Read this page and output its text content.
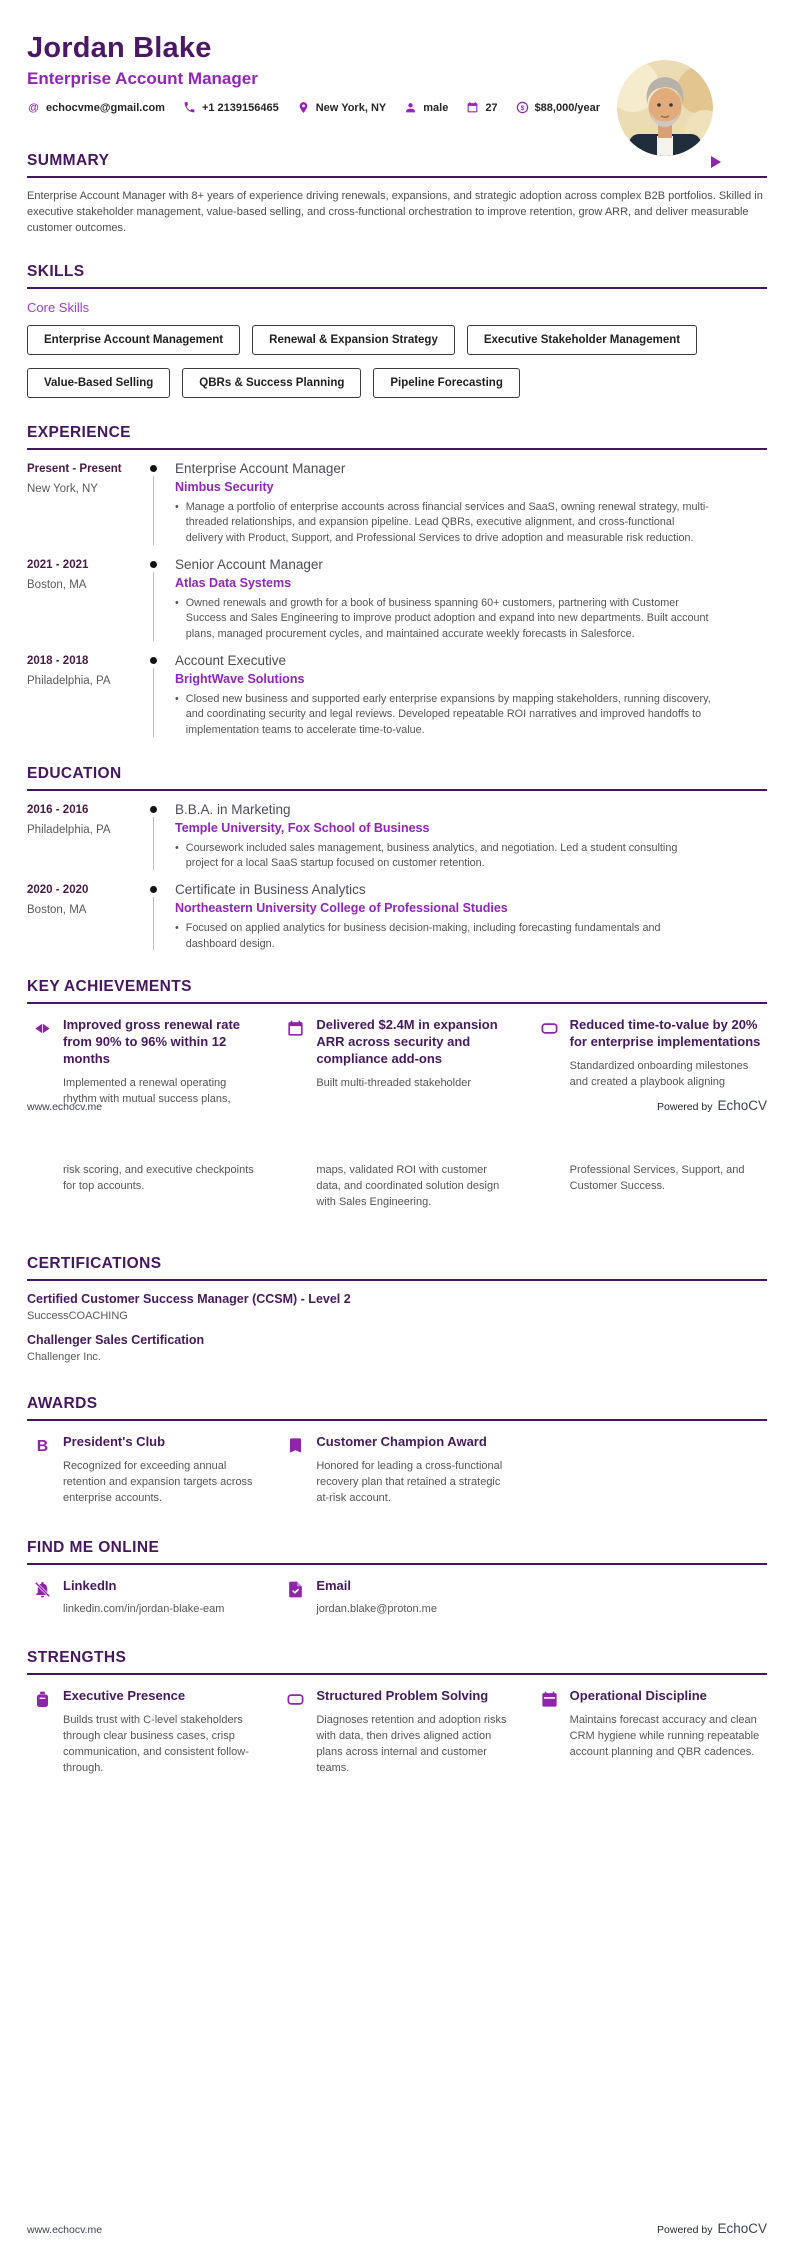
Jordan Blake
Enterprise Account Manager
@ echocvme@gmail.com	+1 2139156465	New York, NY	male	27 $ $88,000/year
SUMMARY
Enterprise Account Manager with 8+ years of experience driving renewals, expansions, and strategic adoption across complex B2B portfolios. Skilled in executive stakeholder management, value-based selling, and cross-functional orchestration to improve retention, grow ARR, and deliver measurable customer outcomes.
SKILLS
Core Skills
Enterprise Account Management	Renewal & Expansion Strategy	Executive Stakeholder Management
Value-Based Selling	QBRs & Success Planning	Pipeline Forecasting
EXPERIENCE
Present - Present
New York, NY
Enterprise Account Manager
Nimbus Security
• Manage a portfolio of enterprise accounts across financial services and SaaS, owning renewal strategy, multi-threaded relationships, and expansion pipeline. Lead QBRs, executive alignment, and cross-functional delivery with Product, Support, and Professional Services to drive adoption and measurable risk reduction.
2021 - 2021
Boston, MA
Senior Account Manager
Atlas Data Systems
• Owned renewals and growth for a book of business spanning 60+ customers, partnering with Customer Success and Sales Engineering to improve product adoption and expand into new departments. Built account plans, managed procurement cycles, and maintained accurate weekly forecasts in Salesforce.
2018 - 2018
Philadelphia, PA
Account Executive
BrightWave Solutions
• Closed new business and supported early enterprise expansions by mapping stakeholders, running discovery, and coordinating security and legal reviews. Developed repeatable ROI narratives and improved handoffs to implementation teams to accelerate time-to-value.
EDUCATION
2016 - 2016
Philadelphia, PA
B.B.A. in Marketing
Temple University, Fox School of Business
• Coursework included sales management, business analytics, and negotiation. Led a student consulting project for a local SaaS startup focused on customer retention.
2020 - 2020
Boston, MA
Certificate in Business Analytics
Northeastern University College of Professional Studies
• Focused on applied analytics for business decision-making, including forecasting fundamentals and dashboard design.
KEY ACHIEVEMENTS
Improved gross renewal rate from 90% to 96% within 12 months
Implemented a renewal operating rhythm with mutual success plans,
Delivered $2.4M in expansion ARR across security and compliance add-ons
Built multi-threaded stakeholder
Reduced time-to-value by 20% for enterprise implementations
Standardized onboarding milestones and created a playbook aligning
www.echocv.me	Powered by EchoCV
risk scoring, and executive checkpoints for top accounts.
maps, validated ROI with customer data, and coordinated solution design with Sales Engineering.
Professional Services, Support, and Customer Success.
CERTIFICATIONS
Certified Customer Success Manager (CCSM) - Level 2
SuccessCOACHING
Challenger Sales Certification
Challenger Inc.
AWARDS
B President's Club
Recognized for exceeding annual retention and expansion targets across enterprise accounts.
Customer Champion Award
Honored for leading a cross-functional recovery plan that retained a strategic at-risk account.
FIND ME ONLINE
LinkedIn
linkedin.com/in/jordan-blake-eam
Email
jordan.blake@proton.me
STRENGTHS
Executive Presence
Builds trust with C-level stakeholders through clear business cases, crisp communication, and consistent follow-through.
Structured Problem Solving
Diagnoses retention and adoption risks with data, then drives aligned action plans across internal and customer teams.
Operational Discipline
Maintains forecast accuracy and clean CRM hygiene while running repeatable account planning and QBR cadences.
www.echocv.me	Powered by EchoCV
